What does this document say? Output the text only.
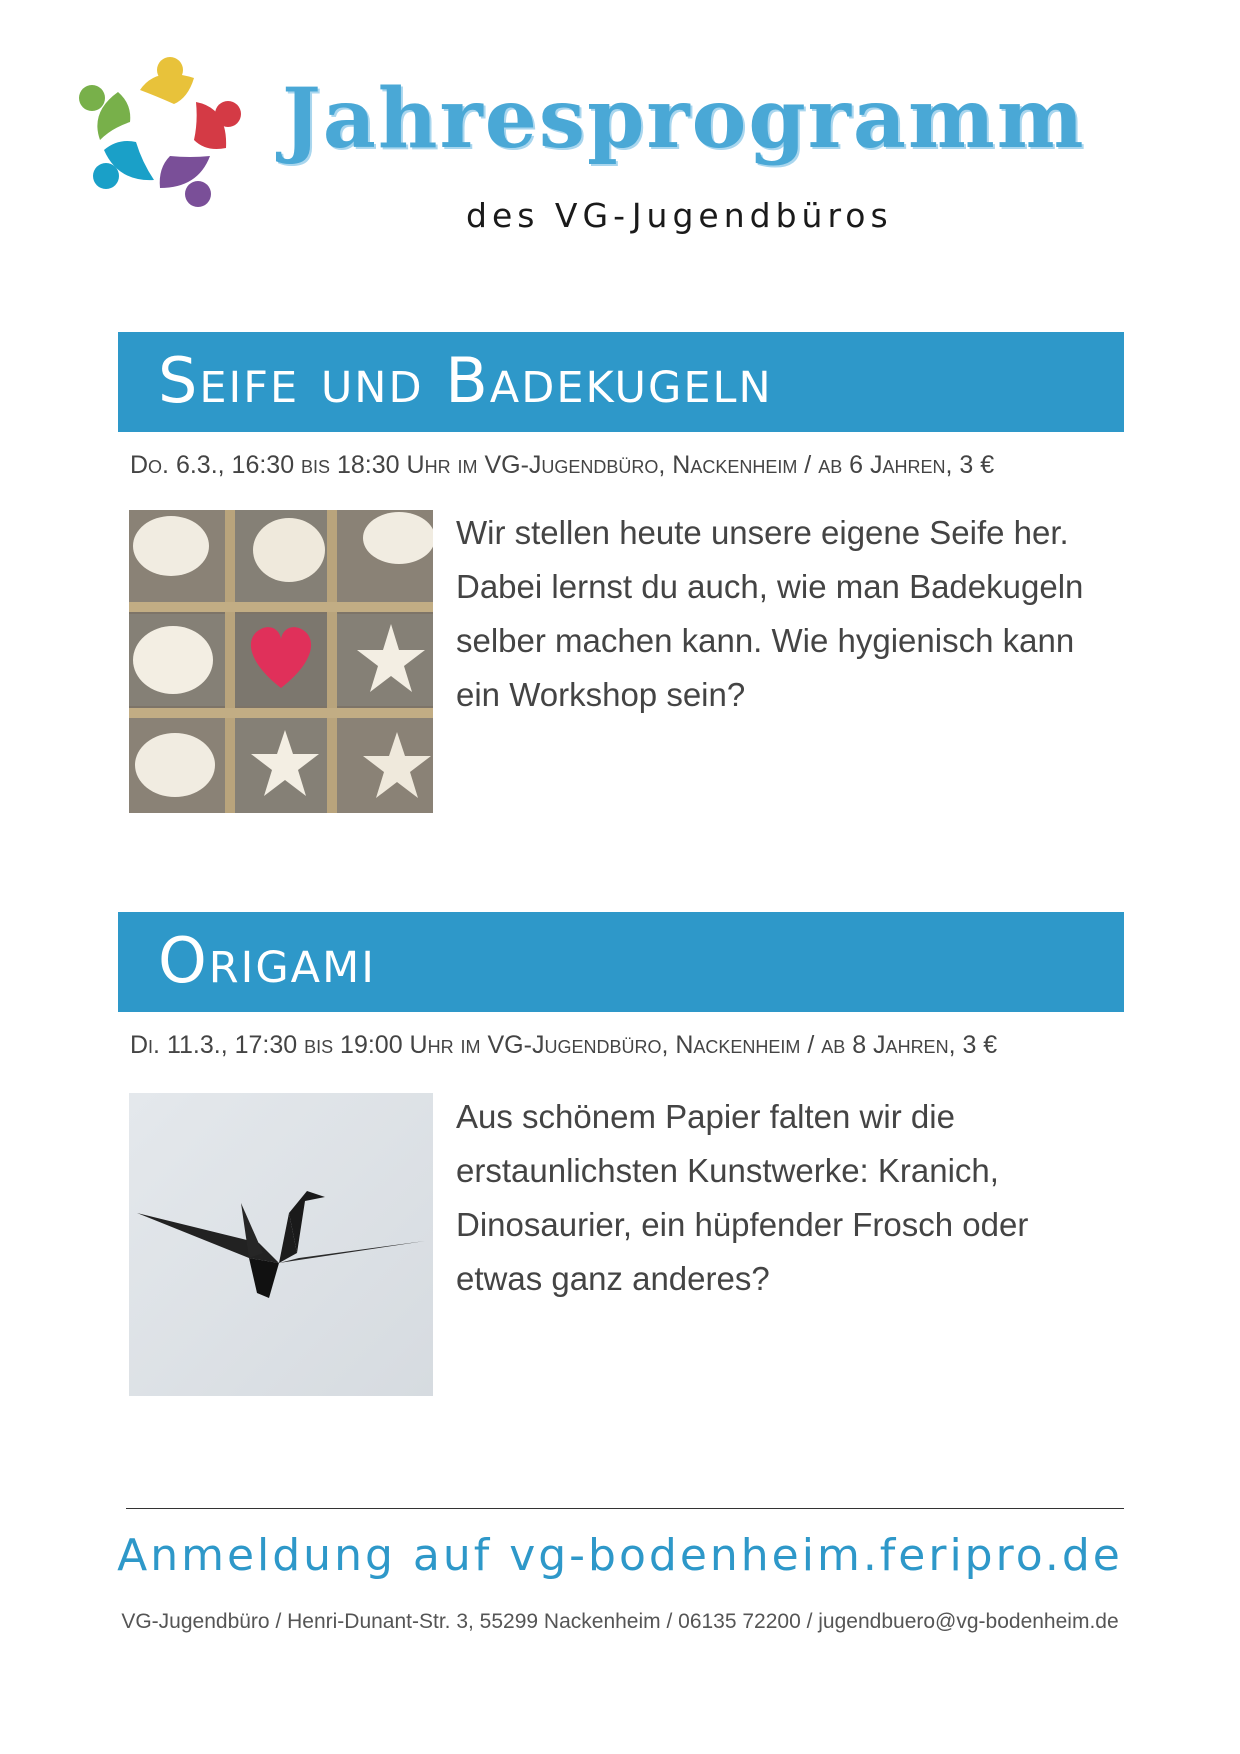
Jahresprogramm

des VG-Jugendbüros

Seife und Badekugeln

Do. 6.3., 16:30 bis 18:30 Uhr im VG-Jugendbüro, Nackenheim / ab 6 Jahren, 3 €

Wir stellen heute unsere eigene Seife her. Dabei lernst du auch, wie man Badekugeln selber machen kann. Wie hygienisch kann ein Workshop sein?

Origami

Di. 11.3., 17:30 bis 19:00 Uhr im VG-Jugendbüro, Nackenheim / ab 8 Jahren, 3 €

Aus schönem Papier falten wir die erstaunlichsten Kunstwerke: Kranich, Dinosaurier, ein hüpfender Frosch oder etwas ganz anderes?

Anmeldung auf vg-bodenheim.feripro.de

VG-Jugendbüro / Henri-Dunant-Str. 3, 55299 Nackenheim / 06135 72200 / jugendbuero@vg-bodenheim.de
